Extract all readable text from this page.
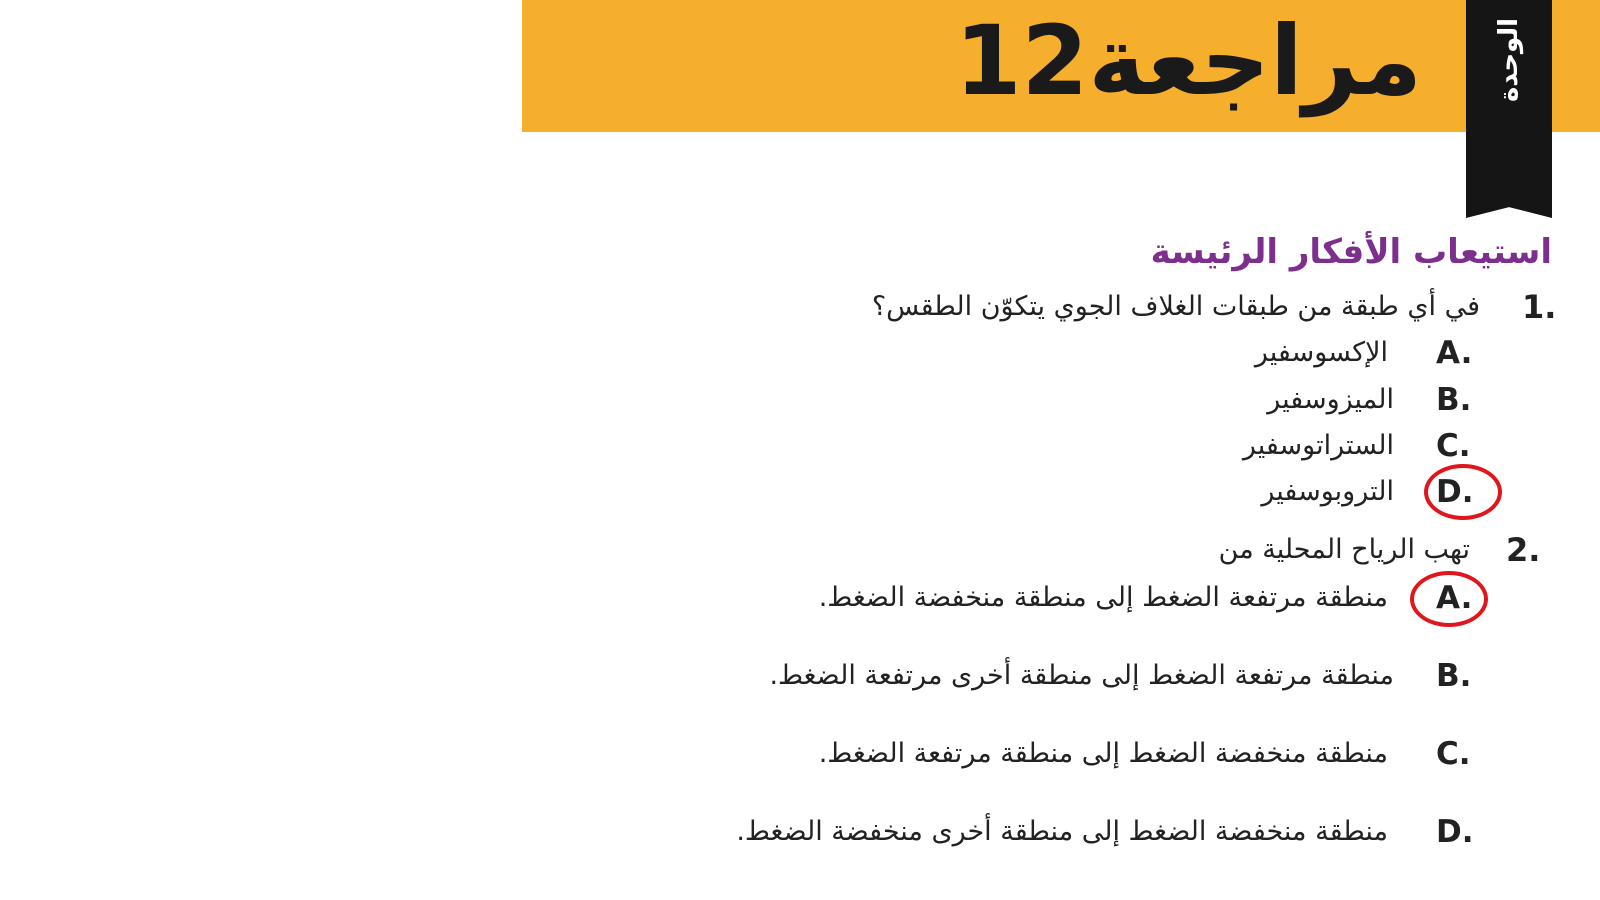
مراجعة12	الوحدة
استيعاب الأفكار الرئيسة
1.
في أي طبقة من طبقات الغلاف الجوي يتكوّن الطقس؟
A.
الإكسوسفير
B.
الميزوسفير
C.
الستراتوسفير
D.
التروبوسفير
2.
تهب الرياح المحلية من
A.
منطقة مرتفعة الضغط إلى منطقة منخفضة الضغط.
B.
منطقة مرتفعة الضغط إلى منطقة أخرى مرتفعة الضغط.
C.
منطقة منخفضة الضغط إلى منطقة مرتفعة الضغط.
D.
منطقة منخفضة الضغط إلى منطقة أخرى منخفضة الضغط.
